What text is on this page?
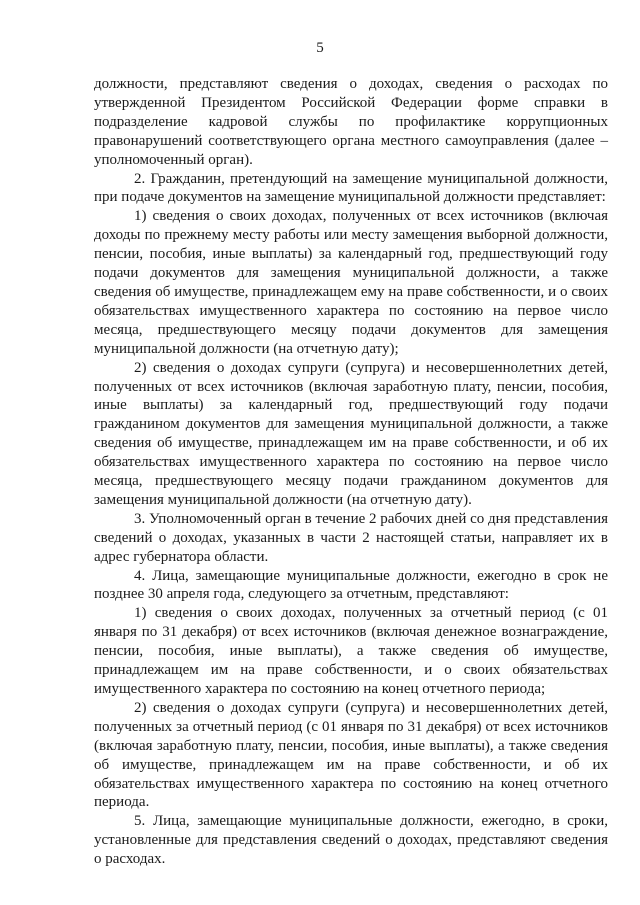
5

должности, представляют сведения о доходах, сведения о расходах по утвержденной Президентом Российской Федерации форме справки в подразделение кадровой службы по профилактике коррупционных правонарушений соответствующего органа местного самоуправления (далее – уполномоченный орган).

2. Гражданин, претендующий на замещение муниципальной должности, при подаче документов на замещение муниципальной должности представляет:

1) сведения о своих доходах, полученных от всех источников (включая доходы по прежнему месту работы или месту замещения выборной должности, пенсии, пособия, иные выплаты) за календарный год, предшествующий году подачи документов для замещения муниципальной должности, а также сведения об имуществе, принадлежащем ему на праве собственности, и о своих обязательствах имущественного характера по состоянию на первое число месяца, предшествующего месяцу подачи документов для замещения муниципальной должности (на отчетную дату);

2) сведения о доходах супруги (супруга) и несовершеннолетних детей, полученных от всех источников (включая заработную плату, пенсии, пособия, иные выплаты) за календарный год, предшествующий году подачи гражданином документов для замещения муниципальной должности, а также сведения об имуществе, принадлежащем им на праве собственности, и об их обязательствах имущественного характера по состоянию на первое число месяца, предшествующего месяцу подачи гражданином документов для замещения муниципальной должности (на отчетную дату).

3. Уполномоченный орган в течение 2 рабочих дней со дня представления сведений о доходах, указанных в части 2 настоящей статьи, направляет их в адрес губернатора области.

4. Лица, замещающие муниципальные должности, ежегодно в срок не позднее 30 апреля года, следующего за отчетным, представляют:

1) сведения о своих доходах, полученных за отчетный период (с 01 января по 31 декабря) от всех источников (включая денежное вознаграждение, пенсии, пособия, иные выплаты), а также сведения об имуществе, принадлежащем им на праве собственности, и о своих обязательствах имущественного характера по состоянию на конец отчетного периода;

2) сведения о доходах супруги (супруга) и несовершеннолетних детей, полученных за отчетный период (с 01 января по 31 декабря) от всех источников (включая заработную плату, пенсии, пособия, иные выплаты), а также сведения об имуществе, принадлежащем им на праве собственности, и об их обязательствах имущественного характера по состоянию на конец отчетного периода.

5. Лица, замещающие муниципальные должности, ежегодно, в сроки, установленные для представления сведений о доходах, представляют сведения о расходах.
